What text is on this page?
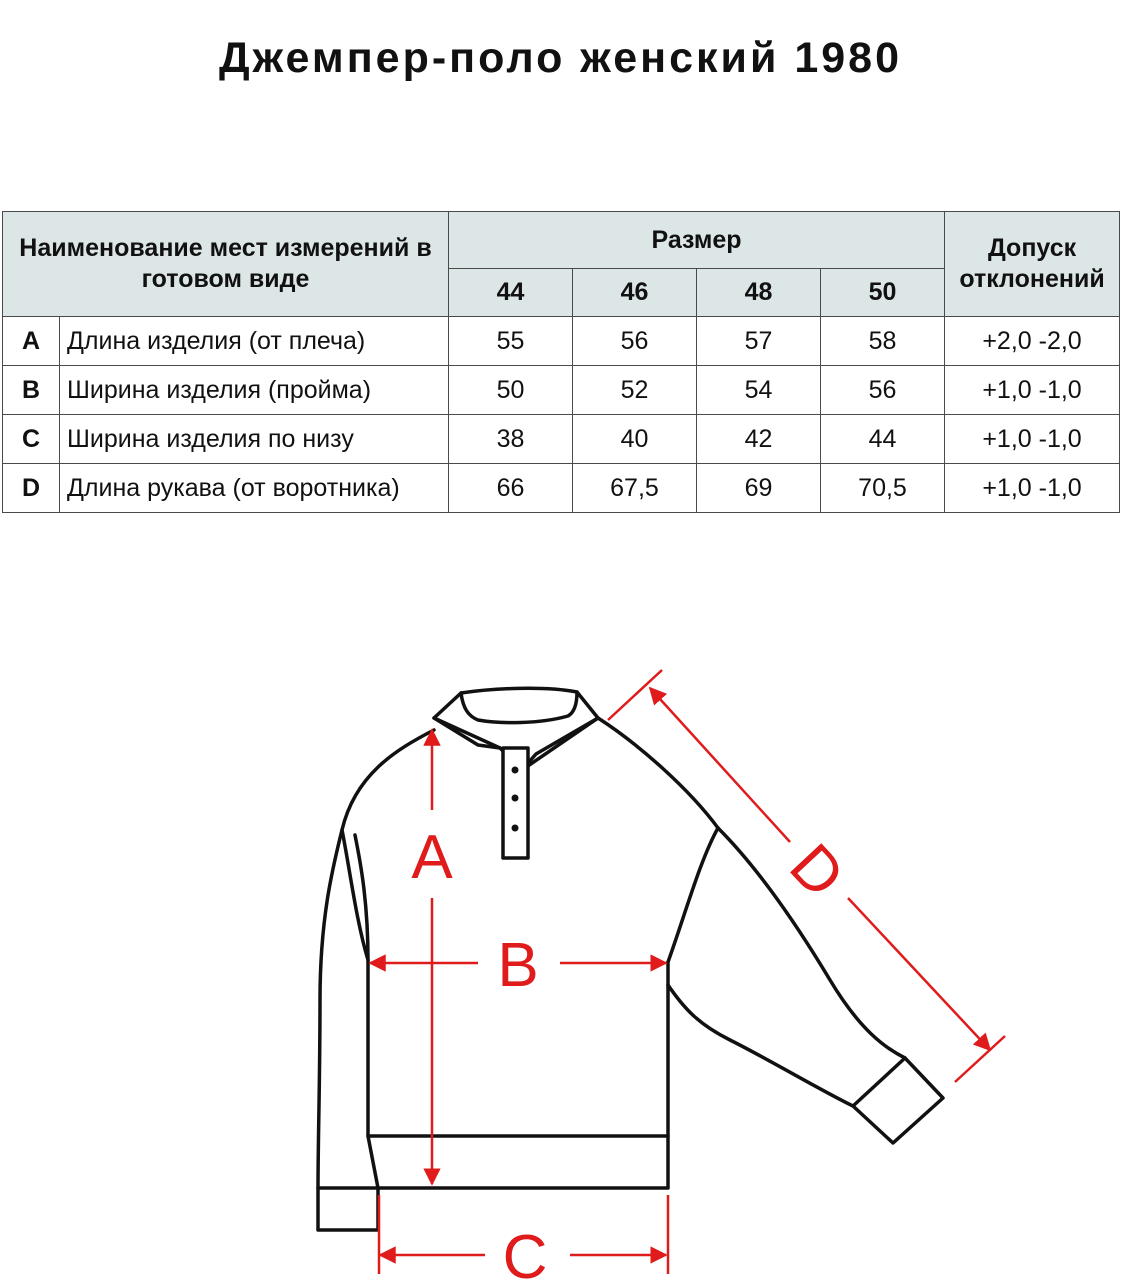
Джемпер-поло женский 1980
Наименование мест измерений в готовом виде		Размер				Допуск отклонений
		44	46	48	50	
A	Длина изделия (от плеча)	55	56	57	58	+2,0 -2,0
B	Ширина изделия (пройма)	50	52	54	56	+1,0 -1,0
C	Ширина изделия по низу	38	40	42	44	+1,0 -1,0
D	Длина рукава (от воротника)	66	67,5	69	70,5	+1,0 -1,0
A
B
C
D
